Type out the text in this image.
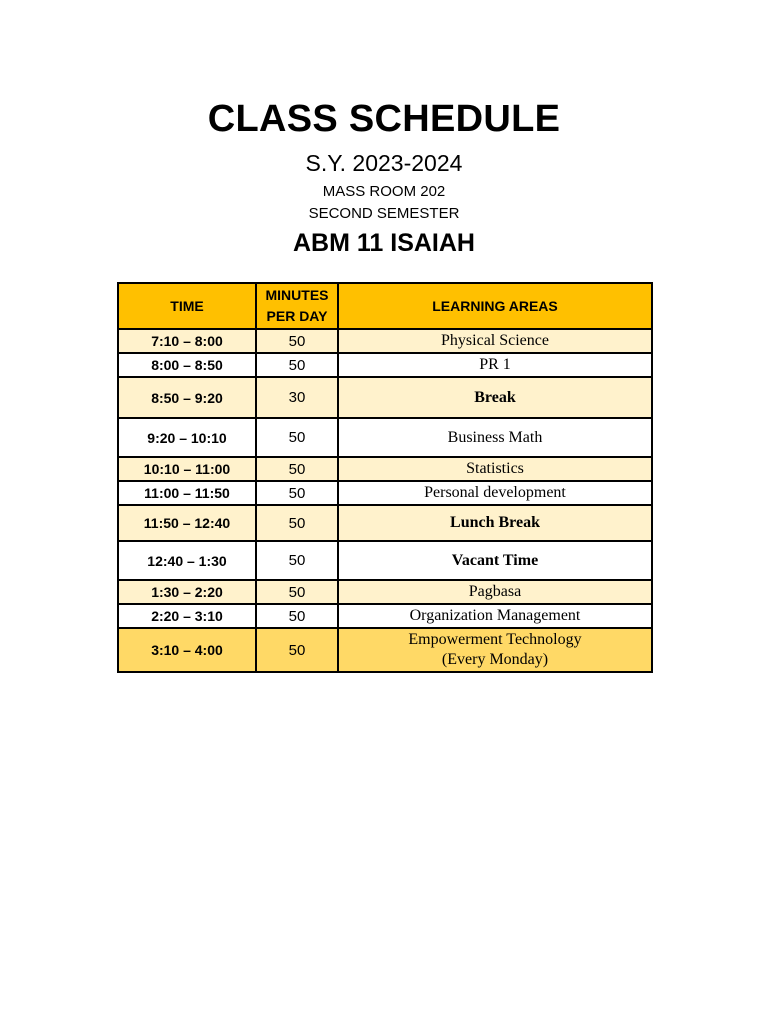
CLASS SCHEDULE
S.Y. 2023-2024
MASS ROOM 202
SECOND SEMESTER
ABM 11 ISAIAH
TIME	MINUTES PER DAY	LEARNING AREAS
7:10 – 8:00	50	Physical Science
8:00 – 8:50	50	PR 1
8:50 – 9:20	30	Break
9:20 – 10:10	50	Business Math
10:10 – 11:00	50	Statistics
11:00 – 11:50	50	Personal development
11:50 – 12:40	50	Lunch Break
12:40 – 1:30	50	Vacant Time
1:30 – 2:20	50	Pagbasa
2:20 – 3:10	50	Organization Management
3:10 – 4:00	50	Empowerment Technology
(Every Monday)
